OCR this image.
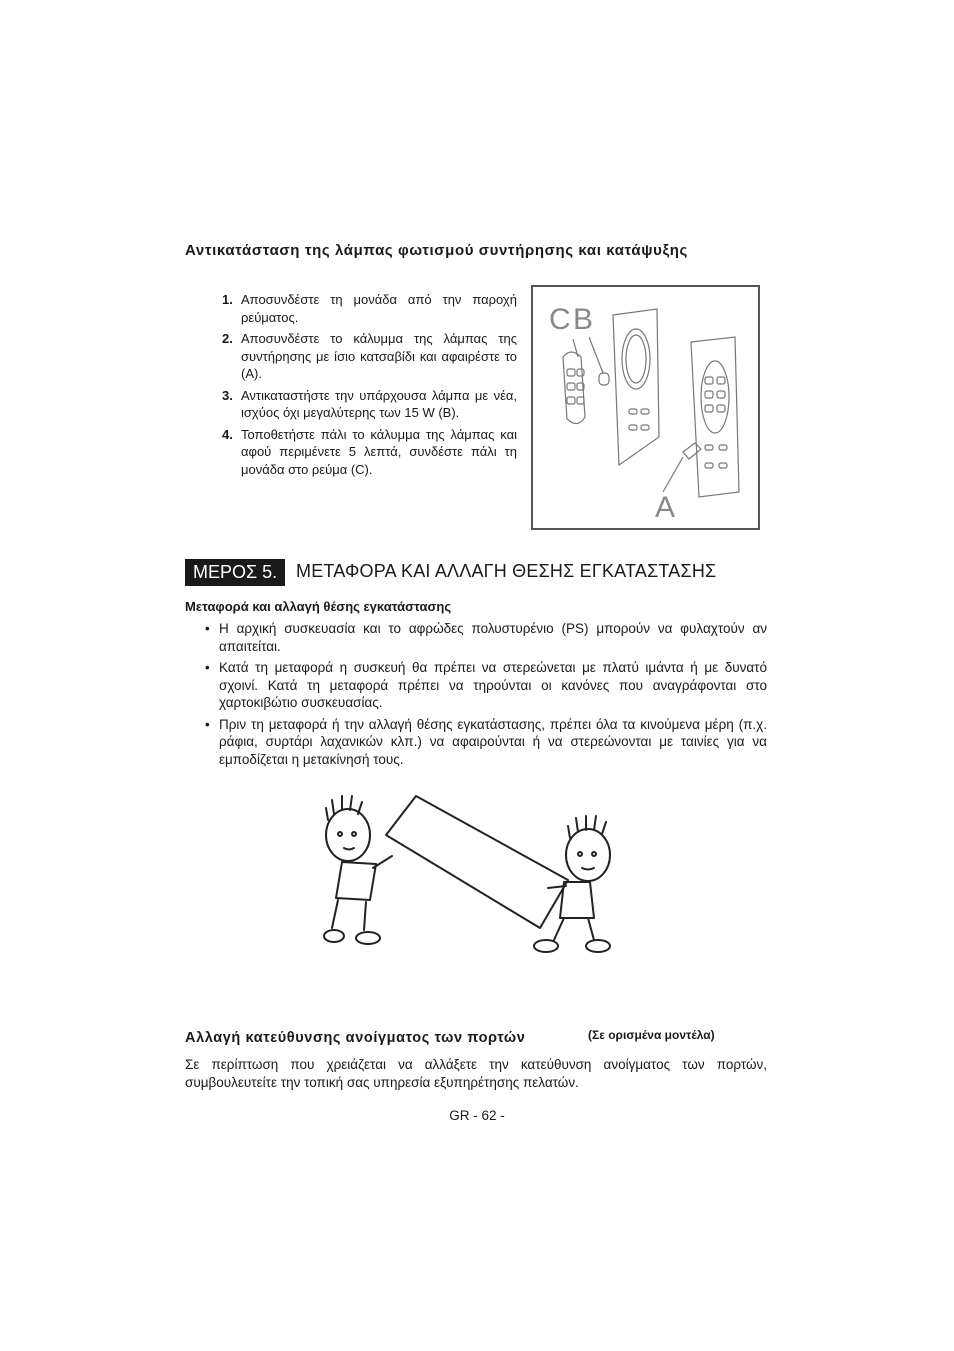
Αντικατάσταση της λάμπας φωτισμού συντήρησης και κατάψυξης
1. Αποσυνδέστε τη μονάδα από την παροχή ρεύματος.
2. Αποσυνδέστε το κάλυμμα της λάμπας της συντήρησης με ίσιο κατσαβίδι και αφαιρέστε το (A).
3. Αντικαταστήστε την υπάρχουσα λάμπα με νέα, ισχύος όχι μεγαλύτερης των 15 W (B).
4. Τοποθετήστε πάλι το κάλυμμα της λάμπας και αφού περιμένετε 5 λεπτά, συνδέστε πάλι τη μονάδα στο ρεύμα (C).
C B
A
ΜΕΡΟΣ 5.	ΜΕΤΑΦΟΡΑ ΚΑΙ ΑΛΛΑΓΗ ΘΕΣΗΣ ΕΓΚΑΤΑΣΤΑΣΗΣ
Μεταφορά και αλλαγή θέσης εγκατάστασης
• Η αρχική συσκευασία και το αφρώδες πολυστυρένιο (PS) μπορούν να φυλαχτούν αν απαιτείται.
• Κατά τη μεταφορά η συσκευή θα πρέπει να στερεώνεται με πλατύ ιμάντα ή με δυνατό σχοινί. Κατά τη μεταφορά πρέπει να τηρούνται οι κανόνες που αναγράφονται στο χαρτοκιβώτιο συσκευασίας.
• Πριν τη μεταφορά ή την αλλαγή θέσης εγκατάστασης, πρέπει όλα τα κινούμενα μέρη (π.χ. ράφια, συρτάρι λαχανικών κλπ.) να αφαιρούνται ή να στερεώνονται με ταινίες για να εμποδίζεται η μετακίνησή τους.
Αλλαγή κατεύθυνσης ανοίγματος των πορτών	(Σε ορισμένα μοντέλα)
Σε περίπτωση που χρειάζεται να αλλάξετε την κατεύθυνση ανοίγματος των πορτών, συμβουλευτείτε την τοπική σας υπηρεσία εξυπηρέτησης πελατών.
GR - 62 -
